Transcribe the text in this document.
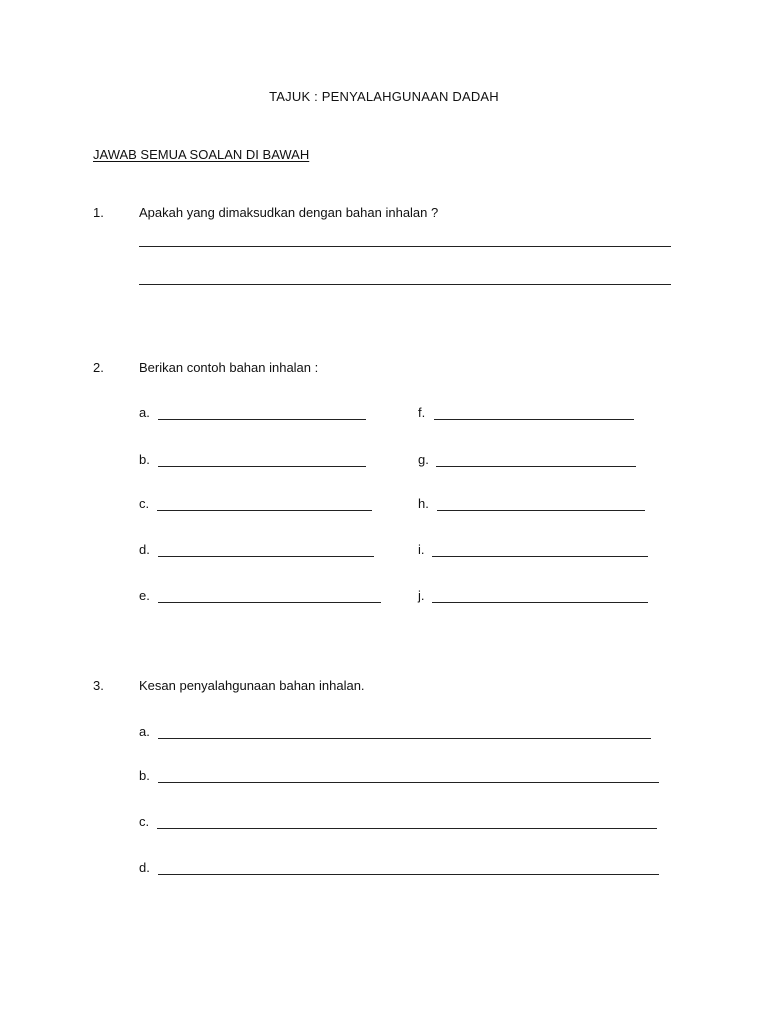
TAJUK : PENYALAHGUNAAN DADAH
JAWAB SEMUA SOALAN DI BAWAH
1.	Apakah yang dimaksudkan dengan bahan inhalan ?
2.	Berikan contoh bahan inhalan :
a.
b.
c.
d.
e.
f.
g.
h.
i.
j.
3.	Kesan penyalahgunaan bahan inhalan.
a.
b.
c.
d.
